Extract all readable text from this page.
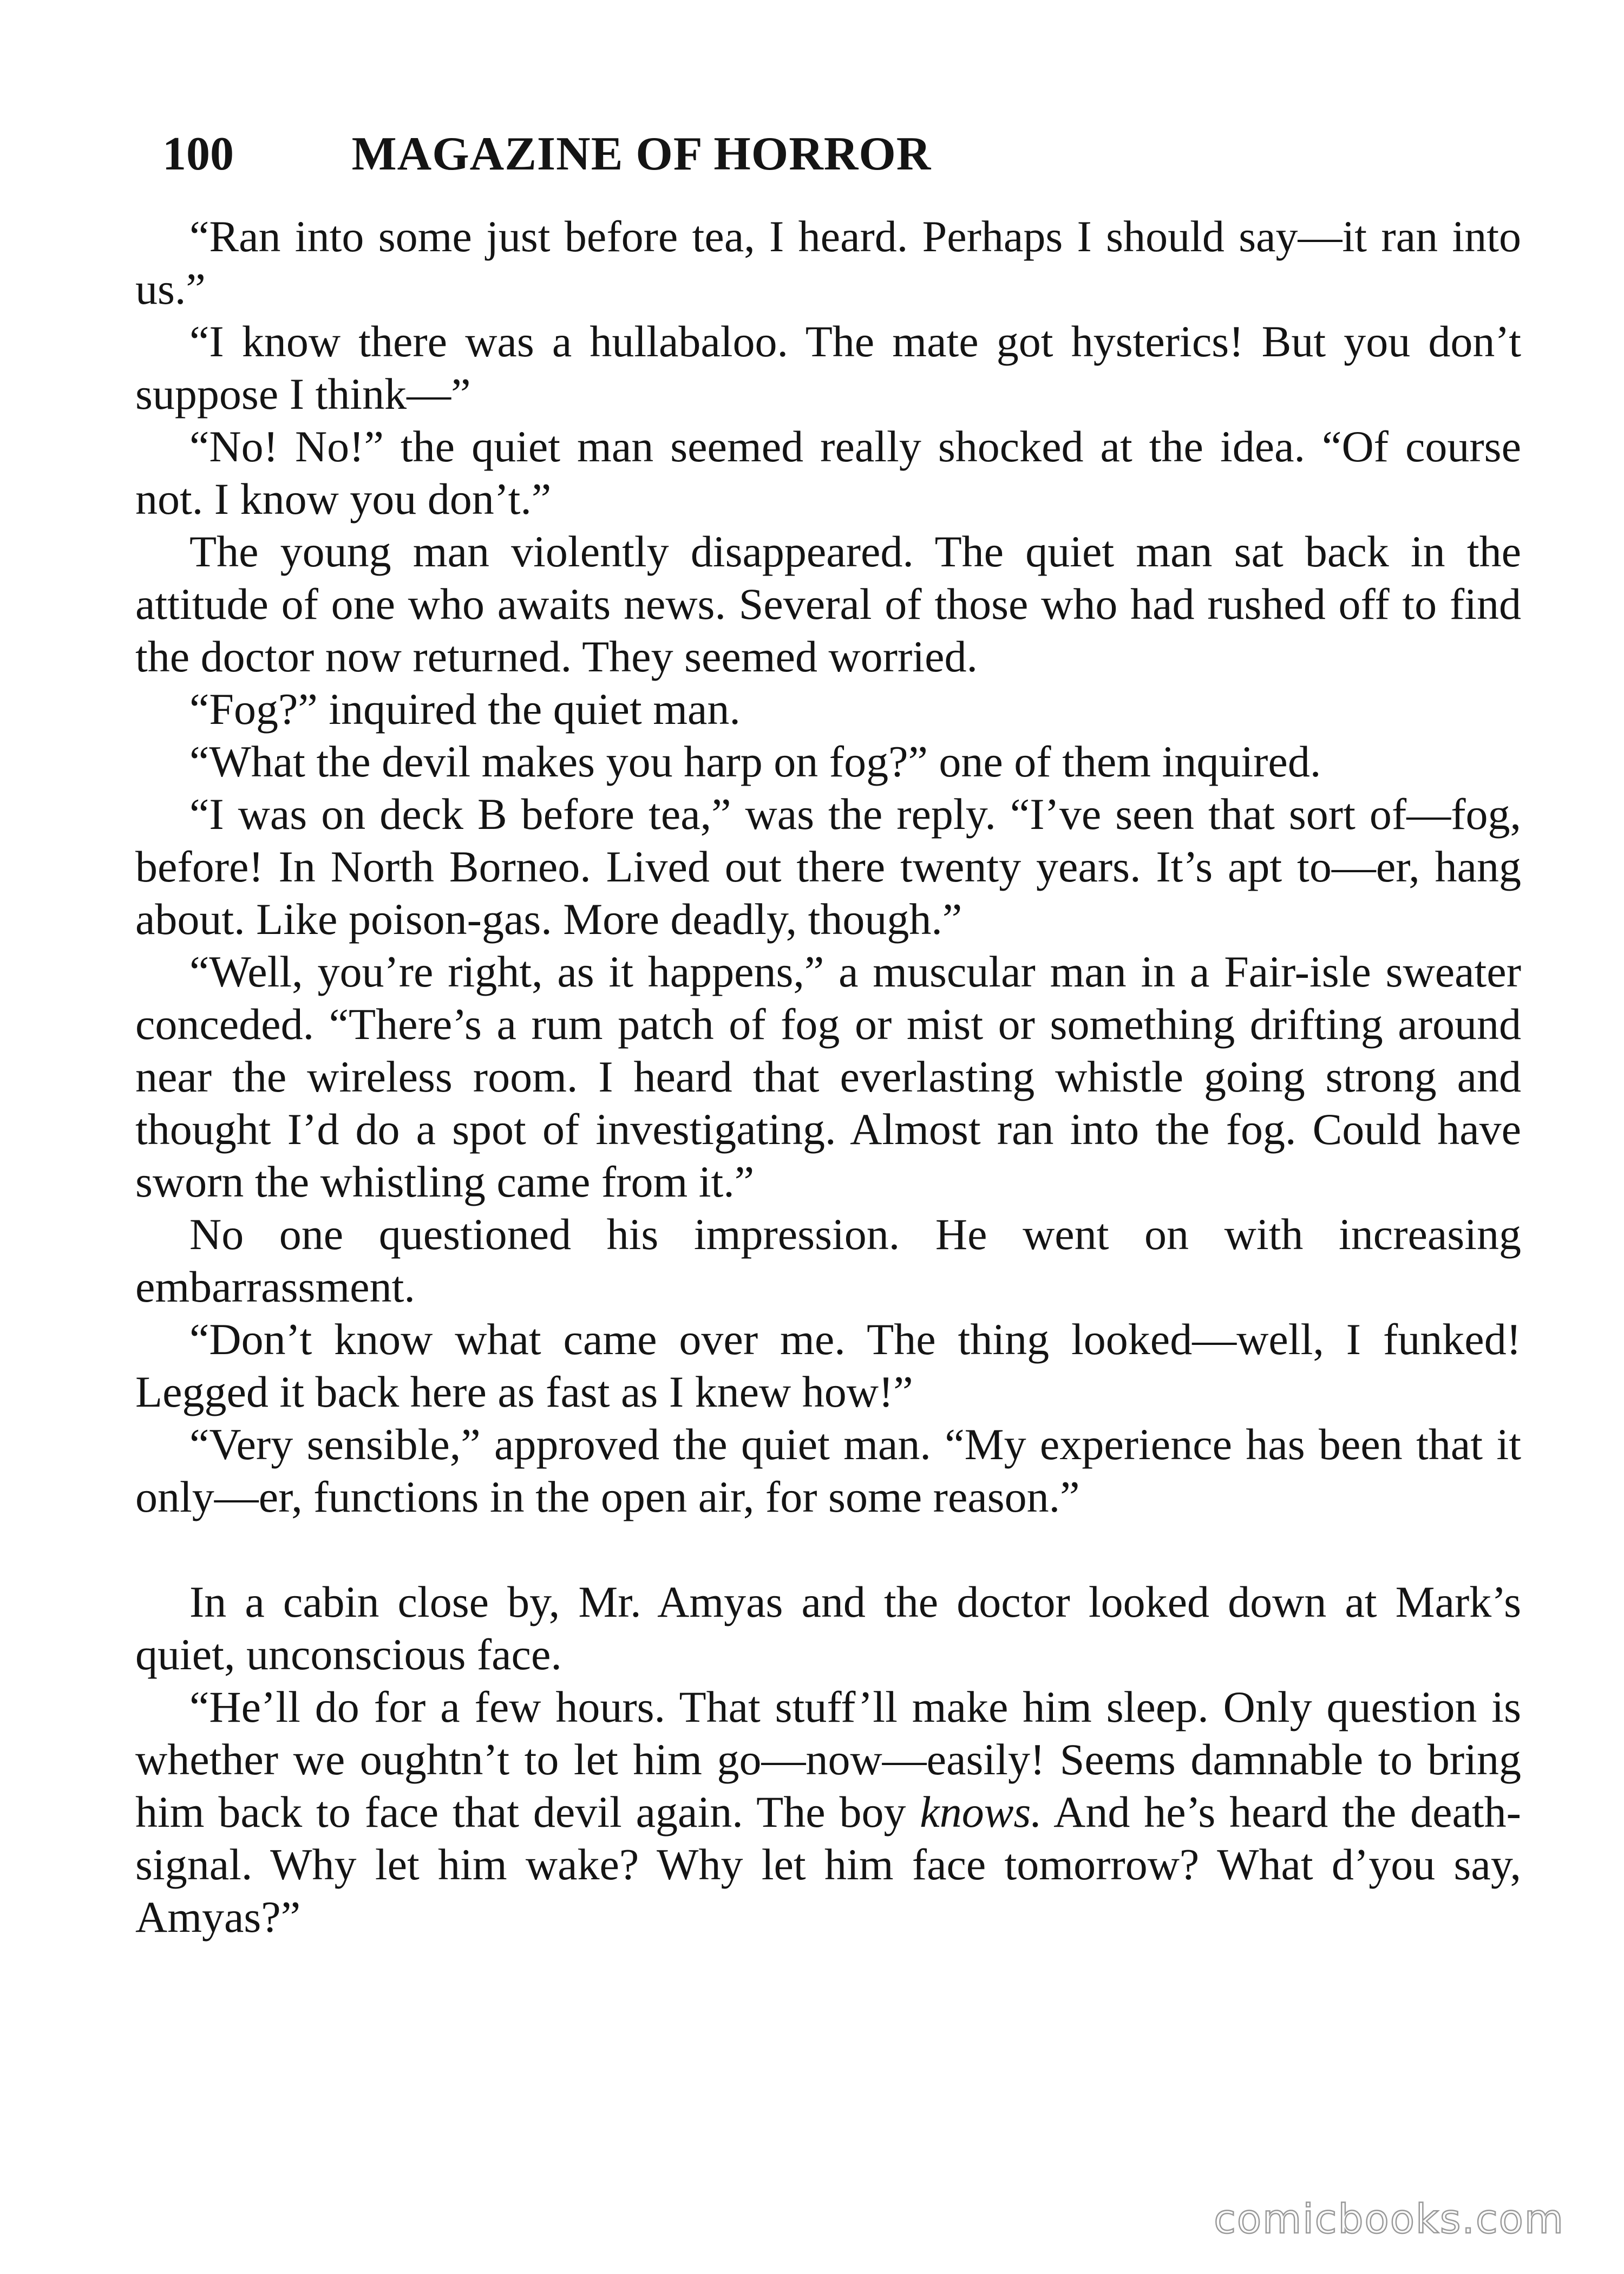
100	MAGAZINE OF HORROR

“Ran into some just before tea, I heard. Perhaps I should say—it ran into us.”

“I know there was a hullabaloo. The mate got hysterics! But you don’t suppose I think—”

“No! No!” the quiet man seemed really shocked at the idea. “Of course not. I know you don’t.”

The young man violently disappeared. The quiet man sat back in the attitude of one who awaits news. Several of those who had rushed off to find the doctor now returned. They seemed worried.

“Fog?” inquired the quiet man.

“What the devil makes you harp on fog?” one of them inquired.

“I was on deck B before tea,” was the reply. “I’ve seen that sort of—fog, before! In North Borneo. Lived out there twenty years. It’s apt to—er, hang about. Like poison-gas. More deadly, though.”

“Well, you’re right, as it happens,” a muscular man in a Fair-isle sweater conceded. “There’s a rum patch of fog or mist or something drifting around near the wireless room. I heard that everlasting whistle going strong and thought I’d do a spot of investigating. Almost ran into the fog. Could have sworn the whistling came from it.”

No one questioned his impression. He went on with increasing embarrassment.

“Don’t know what came over me. The thing looked—well, I funked! Legged it back here as fast as I knew how!”

“Very sensible,” approved the quiet man. “My experience has been that it only—er, functions in the open air, for some reason.”

In a cabin close by, Mr. Amyas and the doctor looked down at Mark’s quiet, unconscious face.

“He’ll do for a few hours. That stuff’ll make him sleep. Only question is whether we oughtn’t to let him go—now—easily! Seems damnable to bring him back to face that devil again. The boy knows. And he’s heard the death-signal. Why let him wake? Why let him face tomorrow? What d’you say, Amyas?”

comicbooks.com
